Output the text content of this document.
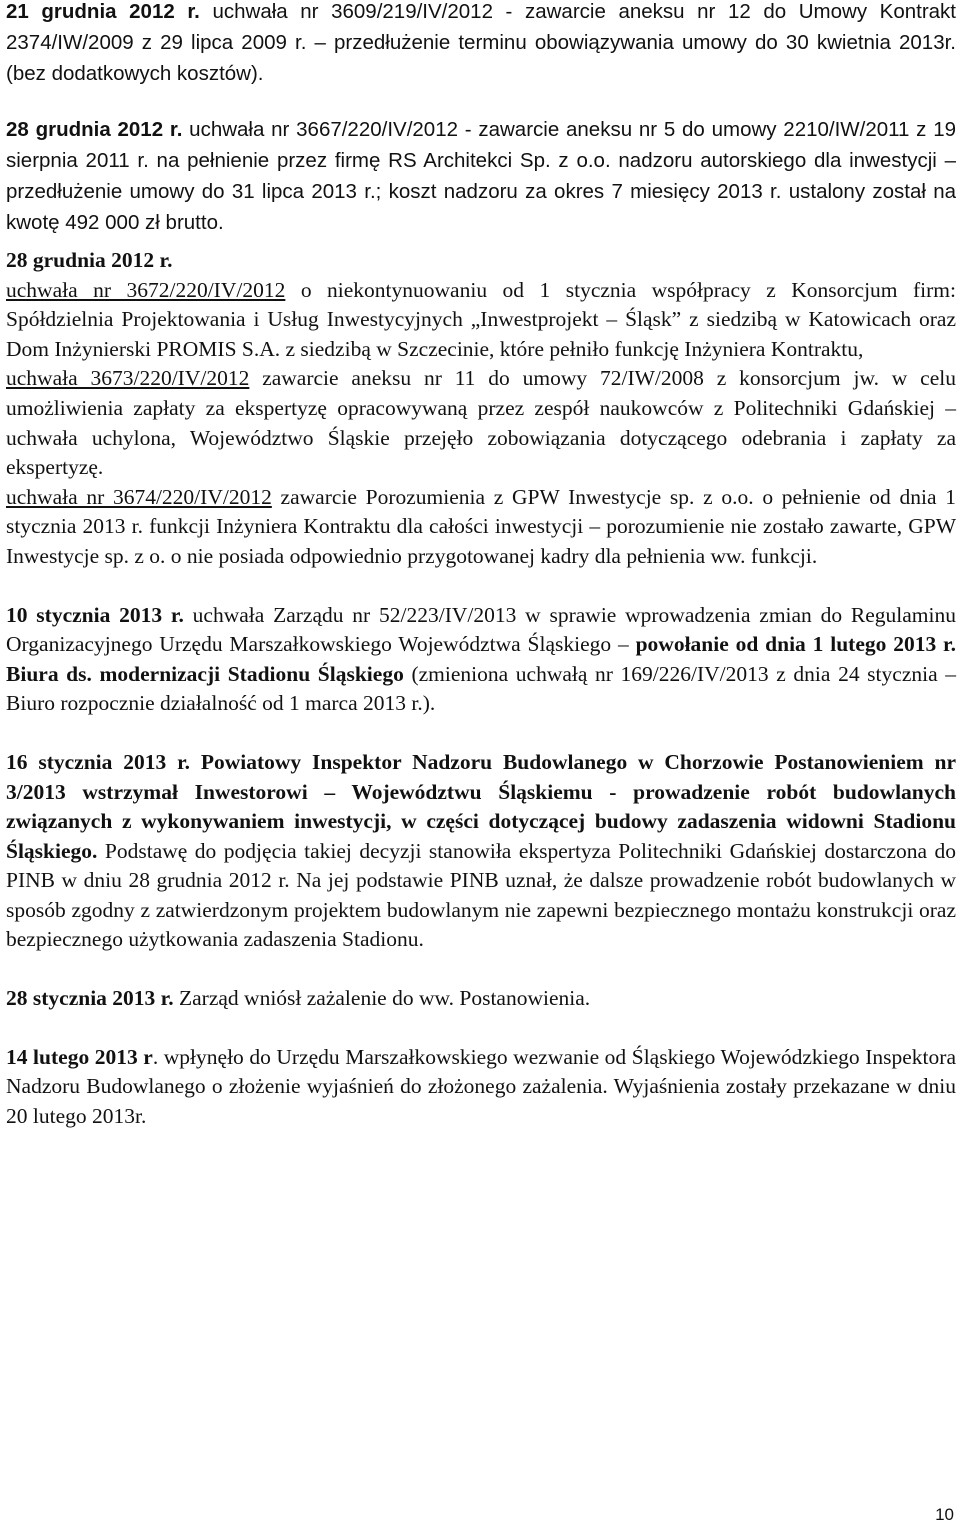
21 grudnia 2012 r. uchwała nr 3609/219/IV/2012 - zawarcie aneksu nr 12 do Umowy Kontrakt 2374/IW/2009 z 29 lipca 2009 r. – przedłużenie terminu obowiązywania umowy do 30 kwietnia 2013r. (bez dodatkowych kosztów).

28 grudnia 2012 r. uchwała nr 3667/220/IV/2012 - zawarcie aneksu nr 5 do umowy 2210/IW/2011 z 19 sierpnia 2011 r. na pełnienie przez firmę RS Architekci Sp. z o.o. nadzoru autorskiego dla inwestycji – przedłużenie umowy do 31 lipca 2013 r.; koszt nadzoru za okres 7 miesięcy 2013 r. ustalony został na kwotę 492 000 zł brutto.

28 grudnia 2012 r.

uchwała nr 3672/220/IV/2012 o niekontynuowaniu od 1 stycznia współpracy z Konsorcjum firm: Spółdzielnia Projektowania i Usług Inwestycyjnych „Inwestprojekt – Śląsk” z siedzibą w Katowicach oraz Dom Inżynierski PROMIS S.A. z siedzibą w Szczecinie, które pełniło funkcję Inżyniera Kontraktu,

uchwała 3673/220/IV/2012 zawarcie aneksu nr 11 do umowy 72/IW/2008 z konsorcjum jw. w celu umożliwienia zapłaty za ekspertyzę opracowywaną przez zespół naukowców z Politechniki Gdańskiej – uchwała uchylona, Województwo Śląskie przejęło zobowiązania dotyczącego odebrania i zapłaty za ekspertyzę.

uchwała nr 3674/220/IV/2012 zawarcie Porozumienia z GPW Inwestycje sp. z o.o. o pełnienie od dnia 1 stycznia 2013 r. funkcji Inżyniera Kontraktu dla całości inwestycji – porozumienie nie zostało zawarte, GPW Inwestycje sp. z o. o nie posiada odpowiednio przygotowanej kadry dla pełnienia ww. funkcji.

10 stycznia 2013 r. uchwała Zarządu nr 52/223/IV/2013 w sprawie wprowadzenia zmian do Regulaminu Organizacyjnego Urzędu Marszałkowskiego Województwa Śląskiego – powołanie od dnia 1 lutego 2013 r. Biura ds. modernizacji Stadionu Śląskiego (zmieniona uchwałą nr 169/226/IV/2013 z dnia 24 stycznia – Biuro rozpocznie działalność od 1 marca 2013 r.).

16 stycznia 2013 r. Powiatowy Inspektor Nadzoru Budowlanego w Chorzowie Postanowieniem nr 3/2013 wstrzymał Inwestorowi – Województwu Śląskiemu - prowadzenie robót budowlanych związanych z wykonywaniem inwestycji, w części dotyczącej budowy zadaszenia widowni Stadionu Śląskiego. Podstawę do podjęcia takiej decyzji stanowiła ekspertyza Politechniki Gdańskiej dostarczona do PINB w dniu 28 grudnia 2012 r. Na jej podstawie PINB uznał, że dalsze prowadzenie robót budowlanych w sposób zgodny z zatwierdzonym projektem budowlanym nie zapewni bezpiecznego montażu konstrukcji oraz bezpiecznego użytkowania zadaszenia Stadionu.

28 stycznia 2013 r. Zarząd wniósł zażalenie do ww. Postanowienia.

14 lutego 2013 r. wpłynęło do Urzędu Marszałkowskiego wezwanie od Śląskiego Wojewódzkiego Inspektora Nadzoru Budowlanego o złożenie wyjaśnień do złożonego zażalenia. Wyjaśnienia zostały przekazane w dniu 20 lutego 2013r.

10
